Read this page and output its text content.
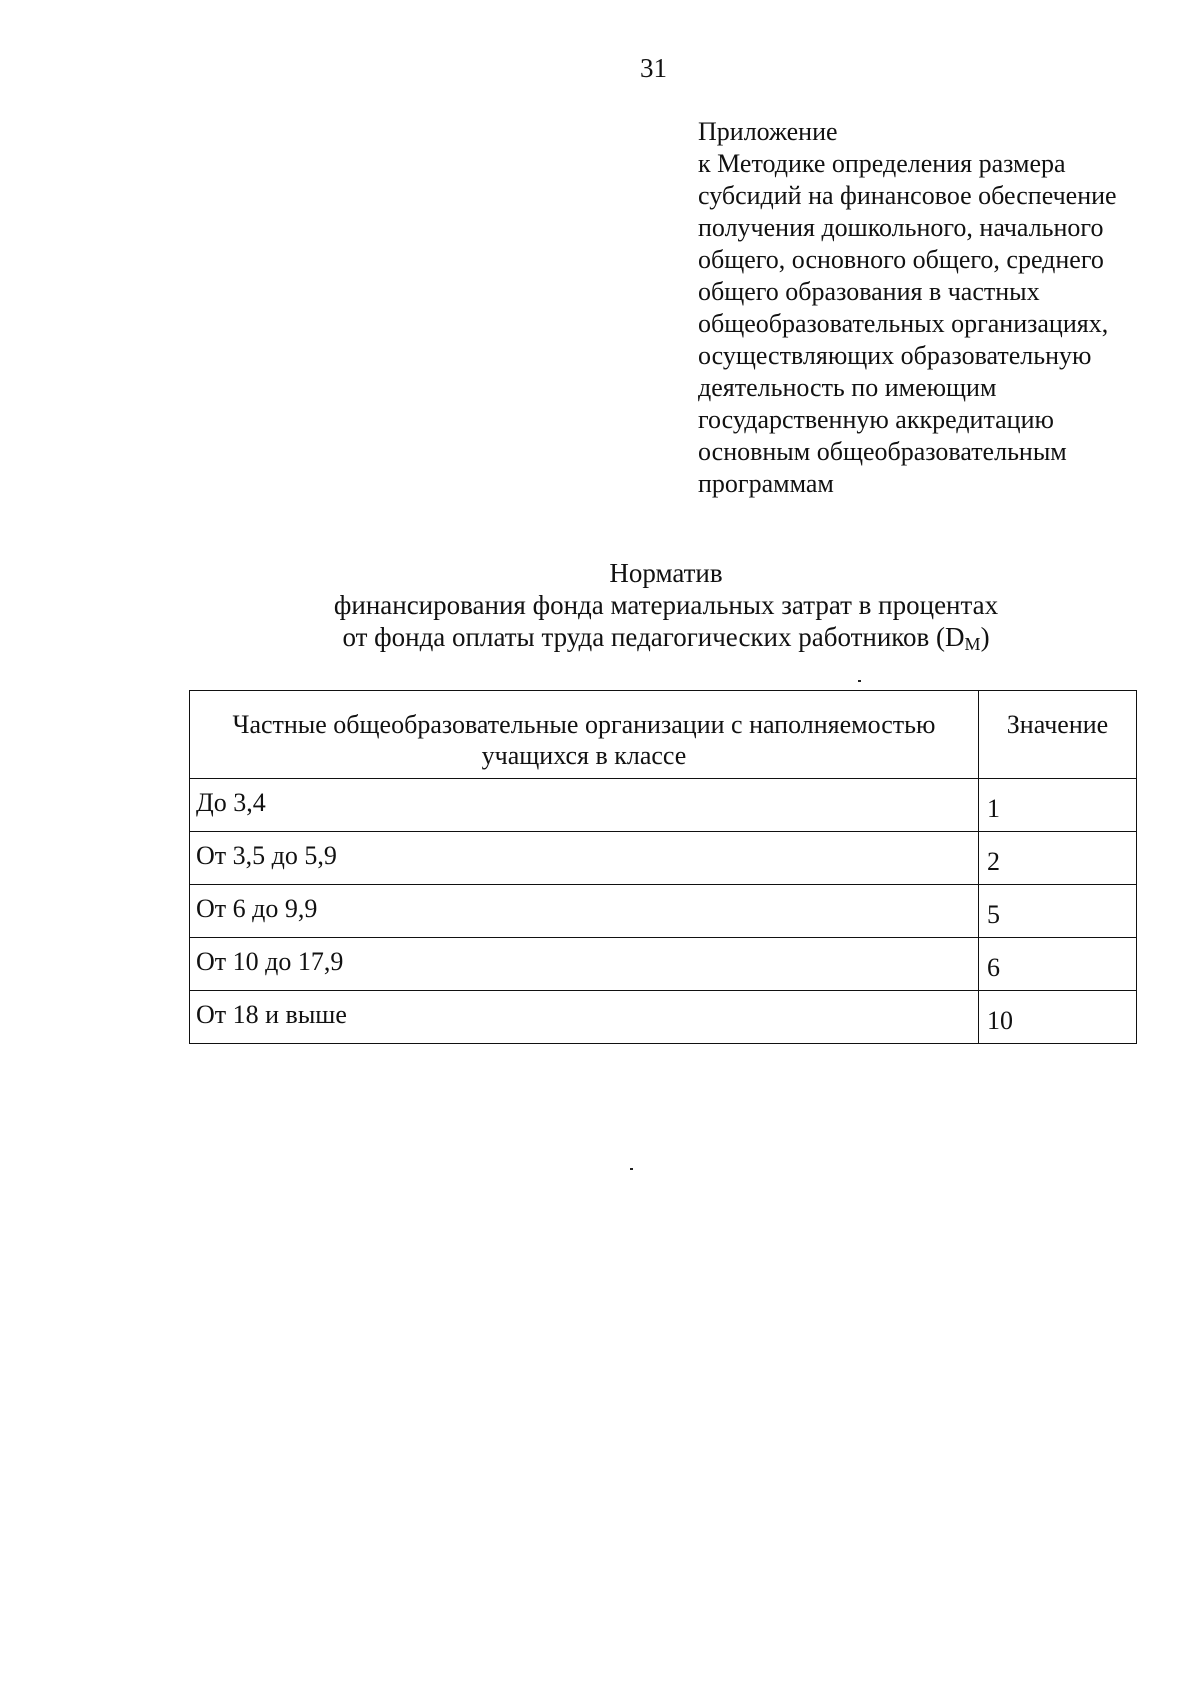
31
Приложение
к Методике определения размера
субсидий на финансовое обеспечение
получения дошкольного, начального
общего, основного общего, среднего
общего образования в частных
общеобразовательных организациях,
осуществляющих образовательную
деятельность по имеющим
государственную аккредитацию
основным общеобразовательным
программам
Норматив
финансирования фонда материальных затрат в процентах
от фонда оплаты труда педагогических работников $(D_M)$
Частные общеобразовательные организации с наполняемостью учащихся в классе	Значение
До 3,4	1
От 3,5 до 5,9	2
От 6 до 9,9	5
От 10 до 17,9	6
От 18 и выше	10
